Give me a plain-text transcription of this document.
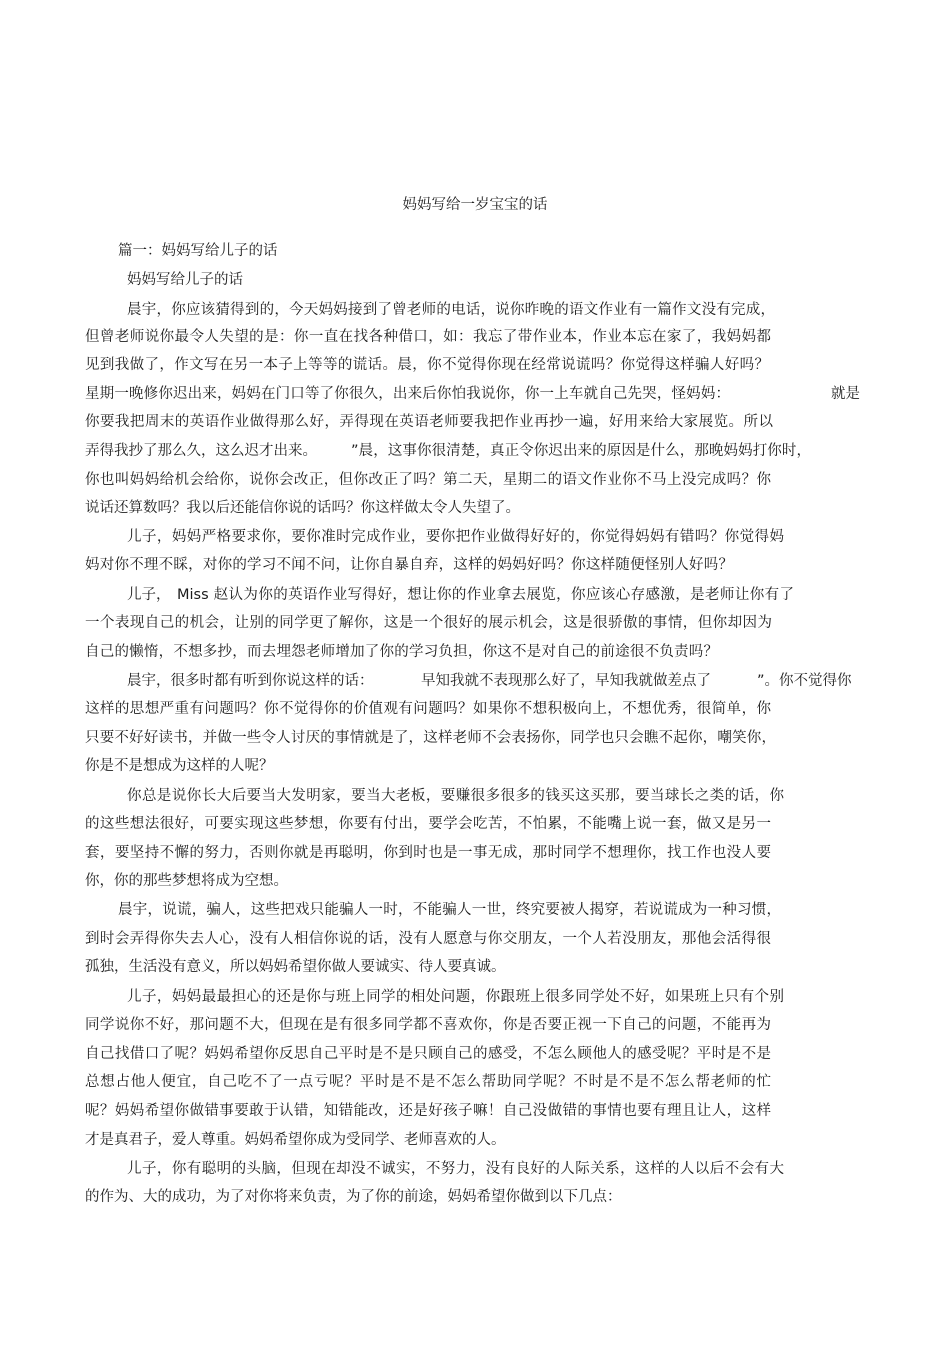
妈妈写给一岁宝宝的话
篇一：妈妈写给儿子的话
妈妈写给儿子的话
晨宇，你应该猜得到的，今天妈妈接到了曾老师的电话，说你昨晚的语文作业有一篇作文没有完成，
但曾老师说你最令人失望的是：你一直在找各种借口，如：我忘了带作业本，作业本忘在家了，我妈妈都
见到我做了，作文写在另一本子上等等的谎话。晨，你不觉得你现在经常说谎吗？你觉得这样骗人好吗？
星期一晚修你迟出来，妈妈在门口等了你很久，出来后你怕我说你，你一上车就自己先哭，怪妈妈：	就是
你要我把周末的英语作业做得那么好，弄得现在英语老师要我把作业再抄一遍，好用来给大家展览。所以
弄得我抄了那么久，这么迟才出来。 ”晨，这事你很清楚，真正令你迟出来的原因是什么，那晚妈妈打你时，
你也叫妈妈给机会给你，说你会改正，但你改正了吗？第二天，星期二的语文作业你不马上没完成吗？你
说话还算数吗？我以后还能信你说的话吗？你这样做太令人失望了。
儿子，妈妈严格要求你，要你准时完成作业，要你把作业做得好好的，你觉得妈妈有错吗？你觉得妈
妈对你不理不睬，对你的学习不闻不问，让你自暴自弃，这样的妈妈好吗？你这样随便怪别人好吗？
儿子， Miss 赵认为你的英语作业写得好，想让你的作业拿去展览，你应该心存感激，是老师让你有了
一个表现自己的机会，让别的同学更了解你，这是一个很好的展示机会，这是很骄傲的事情，但你却因为
自己的懒惰，不想多抄，而去埋怨老师增加了你的学习负担，你这不是对自己的前途很不负责吗？
晨宇，很多时都有听到你说这样的话：	早知我就不表现那么好了，早知我就做差点了	”。你不觉得你
这样的思想严重有问题吗？你不觉得你的价值观有问题吗？如果你不想积极向上，不想优秀，很简单，你
只要不好好读书，并做一些令人讨厌的事情就是了，这样老师不会表扬你，同学也只会瞧不起你，嘲笑你，
你是不是想成为这样的人呢？
你总是说你长大后要当大发明家，要当大老板，要赚很多很多的钱买这买那，要当球长之类的话，你
的这些想法很好，可要实现这些梦想，你要有付出，要学会吃苦，不怕累，不能嘴上说一套，做又是另一
套，要坚持不懈的努力，否则你就是再聪明，你到时也是一事无成，那时同学不想理你，找工作也没人要
你，你的那些梦想将成为空想。
晨宇，说谎，骗人，这些把戏只能骗人一时，不能骗人一世，终究要被人揭穿，若说谎成为一种习惯，
到时会弄得你失去人心，没有人相信你说的话，没有人愿意与你交朋友，一个人若没朋友，那他会活得很
孤独，生活没有意义，所以妈妈希望你做人要诚实、待人要真诚。
儿子，妈妈最最担心的还是你与班上同学的相处问题，你跟班上很多同学处不好，如果班上只有个别
同学说你不好，那问题不大，但现在是有很多同学都不喜欢你，你是否要正视一下自己的问题，不能再为
自己找借口了呢？妈妈希望你反思自己平时是不是只顾自己的感受，不怎么顾他人的感受呢？平时是不是
总想占他人便宜，自己吃不了一点亏呢？平时是不是不怎么帮助同学呢？不时是不是不怎么帮老师的忙
呢？妈妈希望你做错事要敢于认错，知错能改，还是好孩子嘛！自己没做错的事情也要有理且让人，这样
才是真君子，爱人尊重。妈妈希望你成为受同学、老师喜欢的人。
儿子，你有聪明的头脑，但现在却没不诚实，不努力，没有良好的人际关系，这样的人以后不会有大
的作为、大的成功，为了对你将来负责，为了你的前途，妈妈希望你做到以下几点：
